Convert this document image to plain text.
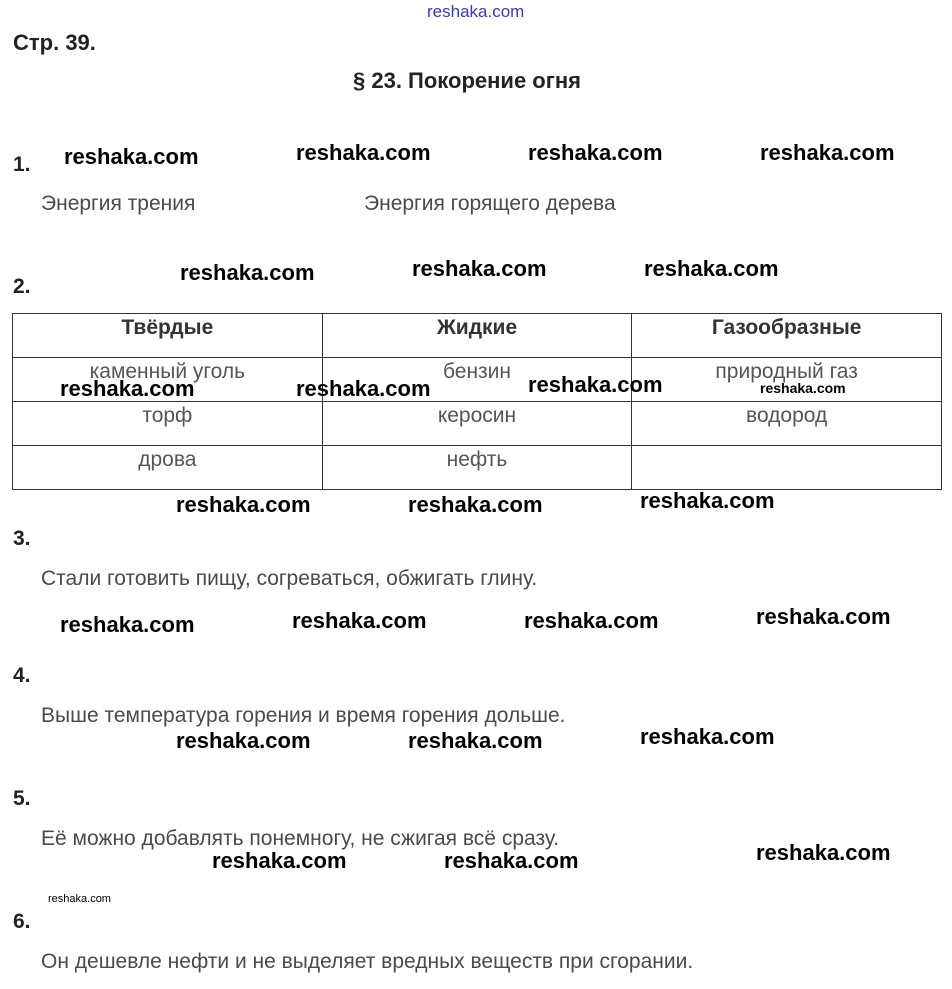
reshaka.com
Стр. 39.
§ 23. Покорение огня
1.
Энергия трения	Энергия горящего дерева
2.
Твёрдые	Жидкие	Газообразные
каменный уголь	бензин	природный газ
торф	керосин	водород
дрова	нефть	
3.
Стали готовить пищу, согреваться, обжигать глину.
4.
Выше температура горения и время горения дольше.
5.
Её можно добавлять понемногу, не сжигая всё сразу.
6.
Он дешевле нефти и не выделяет вредных веществ при сгорании.
reshaka.com	reshaka.com	reshaka.com	reshaka.com
reshaka.com	reshaka.com	reshaka.com
reshaka.com	reshaka.com	reshaka.com	reshaka.com
reshaka.com	reshaka.com	reshaka.com
reshaka.com	reshaka.com	reshaka.com	reshaka.com
reshaka.com	reshaka.com	reshaka.com
reshaka.com	reshaka.com	reshaka.com
reshaka.com
